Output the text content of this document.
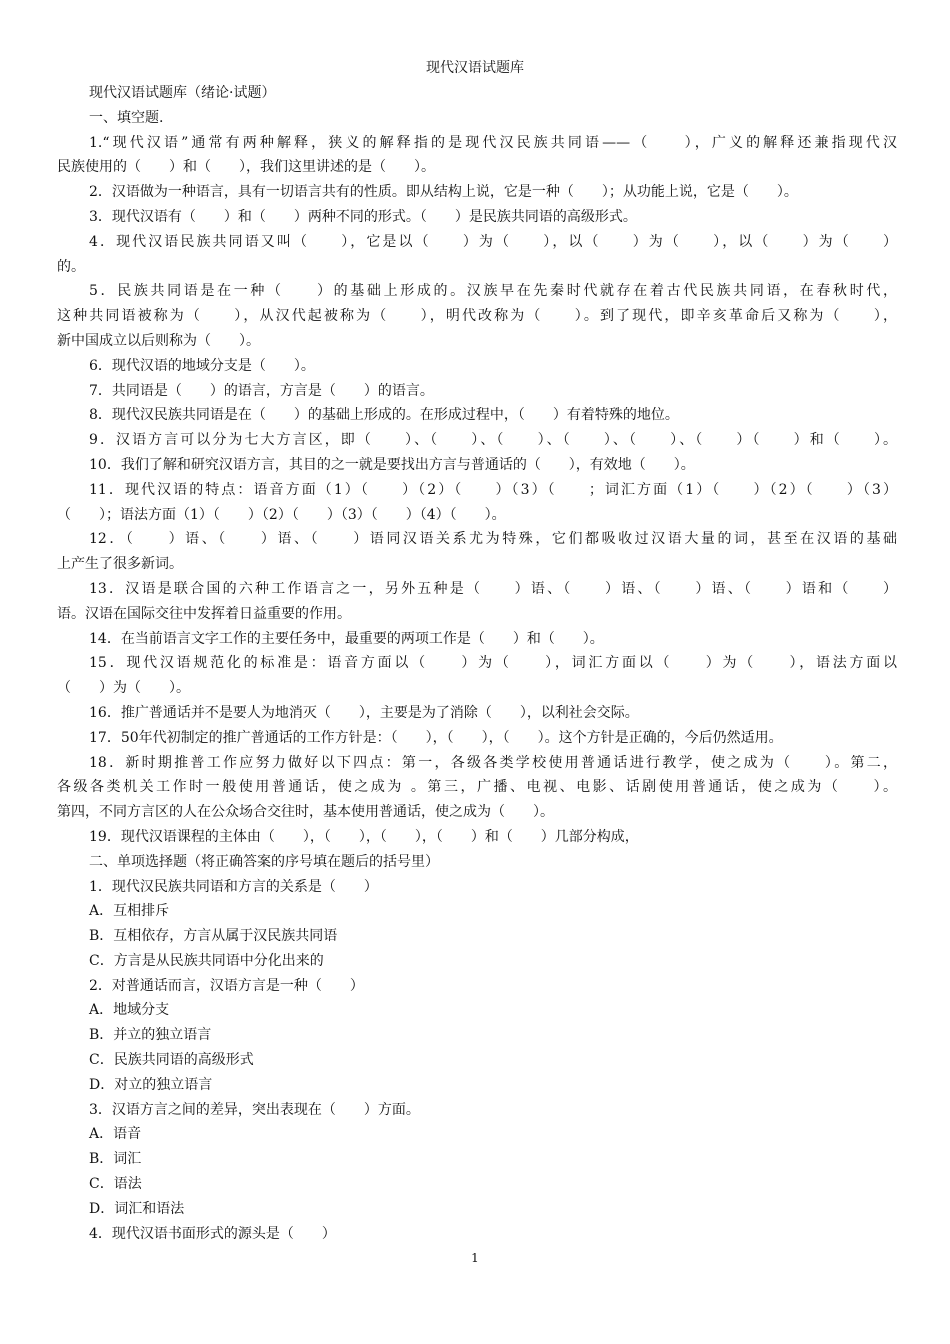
现代汉语试题库
现代汉语试题库（绪论·试题）
一、填空题.
1.“现代汉语”通常有两种解释，狭义的解释指的是现代汉民族共同语——（　　），广义的解释还兼指现代汉
民族使用的（　　）和（　　），我们这里讲述的是（　　）。
2．汉语做为一种语言，具有一切语言共有的性质。即从结构上说，它是一种（　　）；从功能上说，它是（　　）。
3．现代汉语有（　　）和（　　）两种不同的形式。（　　）是民族共同语的高级形式。
4．现代汉语民族共同语又叫（　　），它是以（　　）为（　　），以（　　）为（　　），以（　　）为（　　）
的。
5．民族共同语是在一种（　　）的基础上形成的。汉族早在先秦时代就存在着古代民族共同语，在春秋时代，
这种共同语被称为（　　），从汉代起被称为（　　），明代改称为（　　）。到了现代，即辛亥革命后又称为（　　），
新中国成立以后则称为（　　）。
6．现代汉语的地域分支是（　　）。
7．共同语是（　　）的语言，方言是（　　）的语言。
8．现代汉民族共同语是在（　　）的基础上形成的。在形成过程中，（　　）有着特殊的地位。
9．汉语方言可以分为七大方言区，即（　　）、（　　）、（　　）、（　　）、（　　）、（　　）（　　）和（　　）。
10．我们了解和研究汉语方言，其目的之一就是要找出方言与普通话的（　　），有效地（　　）。
11．现代汉语的特点：语音方面（1）（　　）（2）（　　）（3）（　　；词汇方面（1）（　　）（2）（　　）（3）
（　　）；语法方面（1）（　　）（2）（　　）（3）（　　）（4）（　　）。
12．（　　）语、（　　）语、（　　）语同汉语关系尤为特殊，它们都吸收过汉语大量的词，甚至在汉语的基础
上产生了很多新词。
13．汉语是联合国的六种工作语言之一，另外五种是（　　）语、（　　）语、（　　）语、（　　）语和（　　）
语。汉语在国际交往中发挥着日益重要的作用。
14．在当前语言文字工作的主要任务中，最重要的两项工作是（　　）和（　　）。
15．现代汉语规范化的标准是：语音方面以（　　）为（　　），词汇方面以（　　）为（　　），语法方面以
（　　）为（　　）。
16．推广普通话并不是要人为地消灭（　　），主要是为了消除（　　），以利社会交际。
17．50年代初制定的推广普通话的工作方针是：（　　），（　　），（　　）。这个方针是正确的，今后仍然适用。
18．新时期推普工作应努力做好以下四点：第一，各级各类学校使用普通话进行教学，使之成为（　　）。第二，
各级各类机关工作时一般使用普通话，使之成为 。第三，广播、电视、电影、话剧使用普通话，使之成为（　　）。
第四，不同方言区的人在公众场合交往时，基本使用普通话，使之成为（　　）。
19．现代汉语课程的主体由（　　），（　　），（　　），（　　）和（　　）几部分构成，
二、单项选择题（将正确答案的序号填在题后的括号里）
1．现代汉民族共同语和方言的关系是（　　）
A．互相排斥
B．互相依存，方言从属于汉民族共同语
C．方言是从民族共同语中分化出来的
2．对普通话而言，汉语方言是一种（　　）
A．地域分支
B．并立的独立语言
C．民族共同语的高级形式
D．对立的独立语言
3．汉语方言之间的差异，突出表现在（　　）方面。
A．语音
B．词汇
C．语法
D．词汇和语法
4．现代汉语书面形式的源头是（　　）
1
